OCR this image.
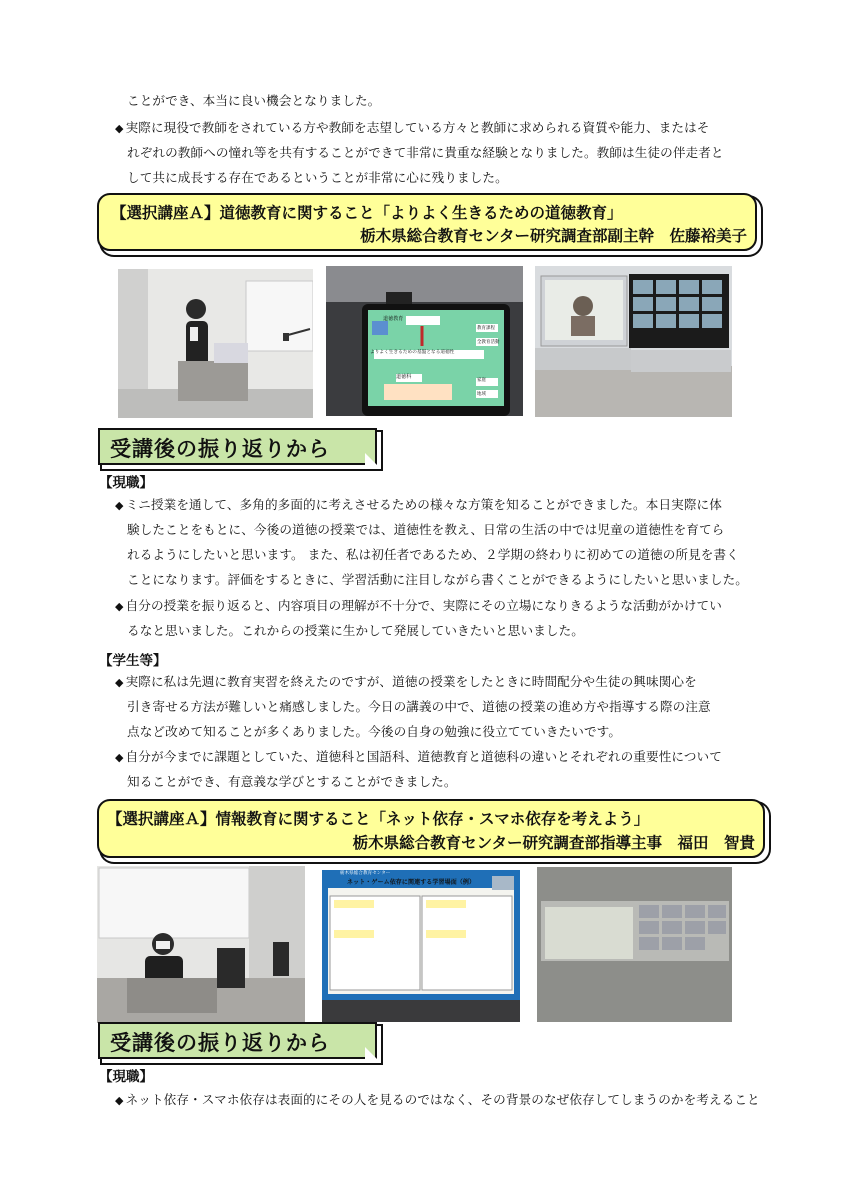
ことができ、本当に良い機会となりました。
◆ 実際に現役で教師をされている方や教師を志望している方々と教師に求められる資質や能力、またはそ
れぞれの教師への憧れ等を共有することができて非常に貴重な経験となりました。教師は生徒の伴走者と
して共に成長する存在であるということが非常に心に残りました。
【選択講座Ａ】道徳教育に関すること「よりよく生きるための道徳教育」
栃木県総合教育センター研究調査部副主幹　佐藤裕美子
道徳教育
よりよく生きるための基盤となる道徳性
道徳科
受講後の振り返りから
【現職】
◆ ミニ授業を通して、多角的多面的に考えさせるための様々な方策を知ることができました。本日実際に体
験したことをもとに、今後の道徳の授業では、道徳性を教え、日常の生活の中では児童の道徳性を育てら
れるようにしたいと思います。 また、私は初任者であるため、２学期の終わりに初めての道徳の所見を書く
ことになります。評価をするときに、学習活動に注目しながら書くことができるようにしたいと思いました。
◆ 自分の授業を振り返ると、内容項目の理解が不十分で、実際にその立場になりきるような活動がかけてい
るなと思いました。これからの授業に生かして発展していきたいと思いました。
【学生等】
◆ 実際に私は先週に教育実習を終えたのですが、道徳の授業をしたときに時間配分や生徒の興味関心を
引き寄せる方法が難しいと痛感しました。今日の講義の中で、道徳の授業の進め方や指導する際の注意
点など改めて知ることが多くありました。今後の自身の勉強に役立てていきたいです。
◆ 自分が今までに課題としていた、道徳科と国語科、道徳教育と道徳科の違いとそれぞれの重要性について
知ることができ、有意義な学びとすることができました。
【選択講座Ａ】情報教育に関すること「ネット依存・スマホ依存を考えよう」
栃木県総合教育センター研究調査部指導主事　福田　智貴
栃木県総合教育センター
ネット・ゲーム依存に関連する学習場面（例）
受講後の振り返りから
【現職】
◆ ネット依存・スマホ依存は表面的にその人を見るのではなく、その背景のなぜ依存してしまうのかを考えること
教育課程
全教育活動
家庭
地域
